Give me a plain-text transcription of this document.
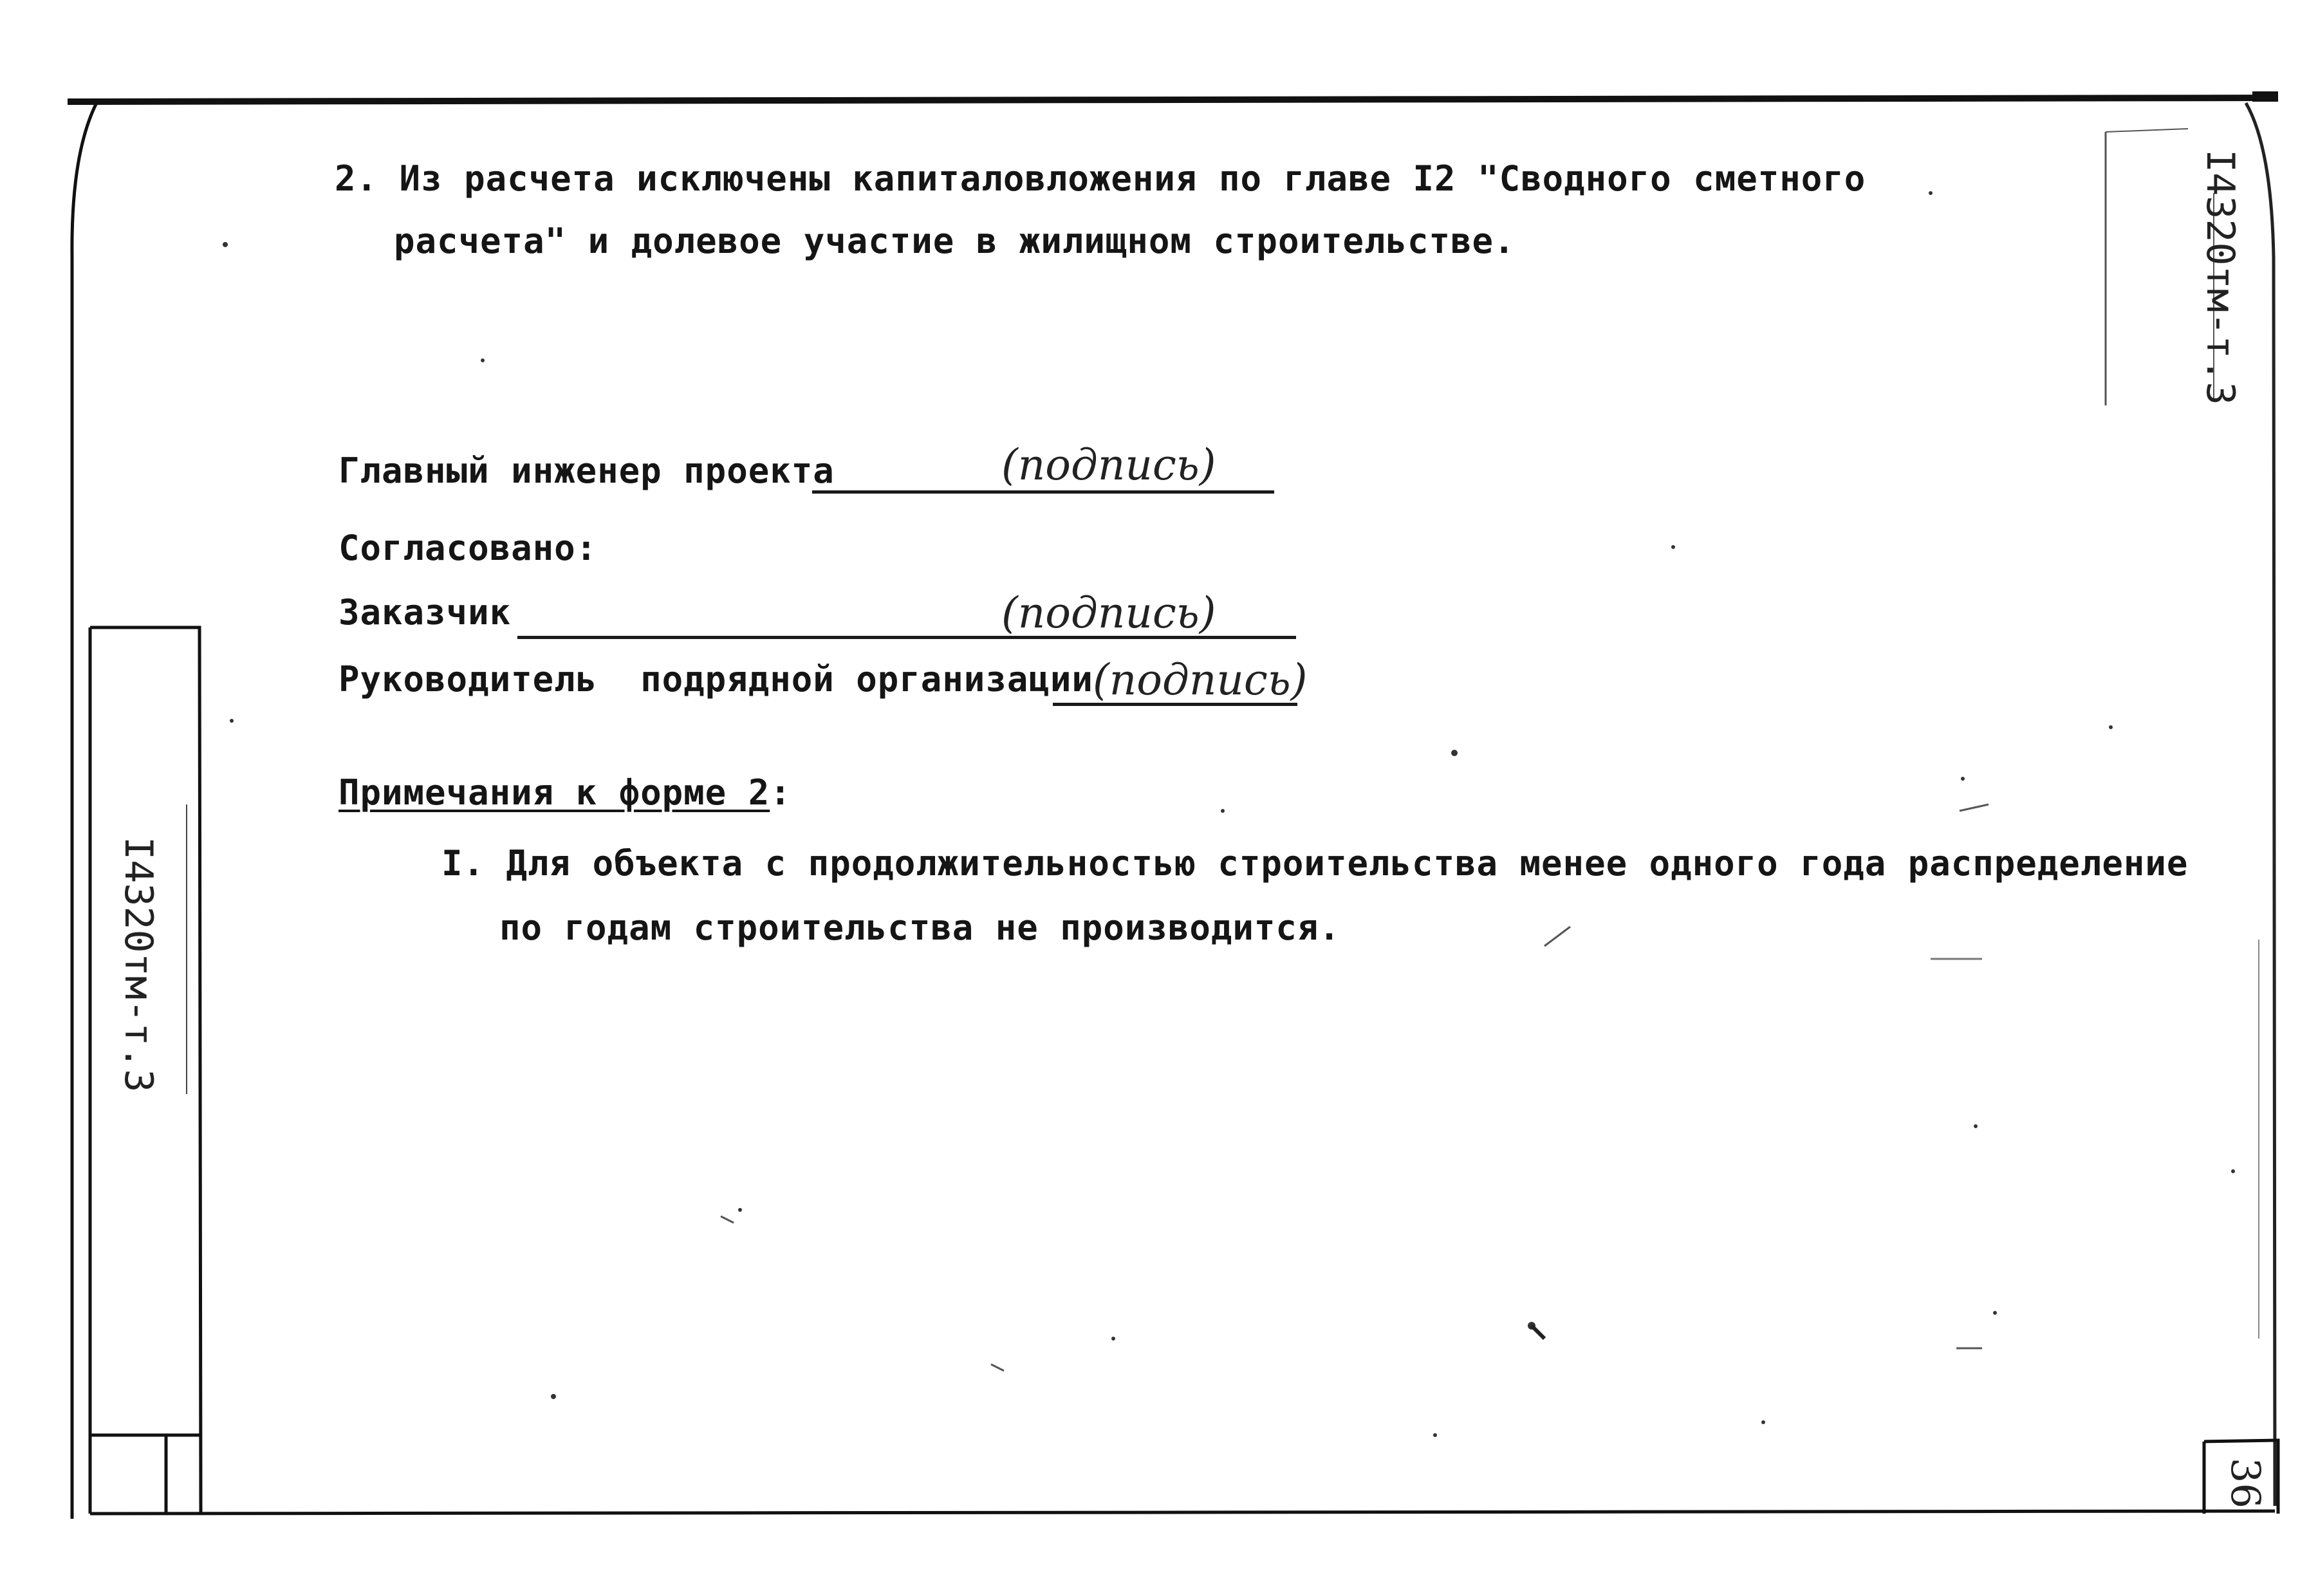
2. Из расчета исключены капиталовложения по главе I2 "Сводного сметного
расчета" и долевое участие в жилищном строительстве.
Главный инженер проекта	(подпись)
Согласовано:
Заказчик	(подпись)
Руководитель  подрядной организации (подпись)
Примечания к форме 2:
I. Для объекта с продолжительностью строительства менее одного года распределение
по годам строительства не производится.
I4320тм-т.3
I4320тм-т.3
36
